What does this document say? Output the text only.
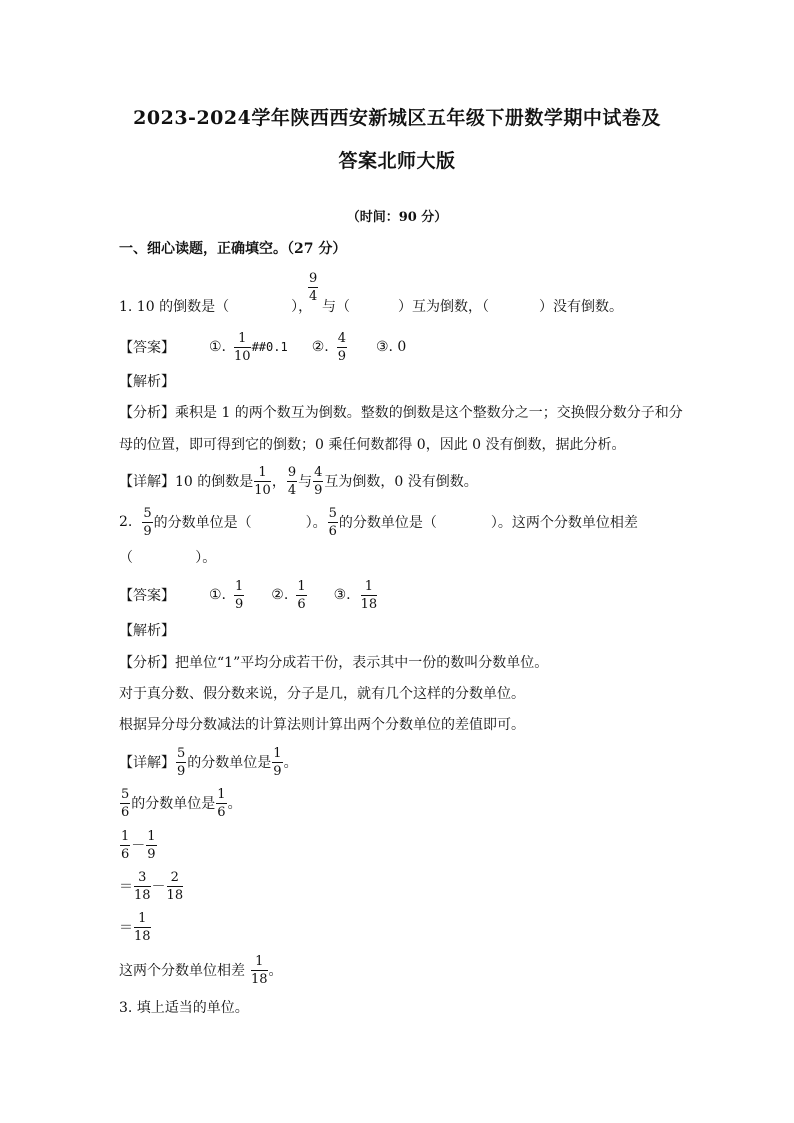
2023-2024学年陕西西安新城区五年级下册数学期中试卷及
答案北师大版
（时间：90 分）
一、细心读题，正确填空。（27 分）
1. 10 的倒数是（	），
$\frac{9}{4}$
与（	）互为倒数，（	）没有倒数。
【答案】 ①. $\frac{1}{10}$ ##0.1 ②. $\frac{4}{9}$ ③. 0
【解析】
【分析】乘积是 1 的两个数互为倒数。整数的倒数是这个整数分之一；交换假分数分子和分
母的位置，即可得到它的倒数；0 乘任何数都得 0，因此 0 没有倒数，据此分析。
【详解】10 的倒数是 $\frac{1}{10}$ ， $\frac{9}{4}$ 与 $\frac{4}{9}$ 互为倒数，0 没有倒数。
2. $\frac{5}{9}$ 的分数单位是（	）。 $\frac{5}{6}$ 的分数单位是（	）。这两个分数单位相差
（              ）。
【答案】 ①. $\frac{1}{9}$ ②. $\frac{1}{6}$ ③. $\frac{1}{18}$
【解析】
【分析】把单位“1”平均分成若干份，表示其中一份的数叫分数单位。
对于真分数、假分数来说，分子是几，就有几个这样的分数单位。
根据异分母分数减法的计算法则计算出两个分数单位的差值即可。
【详解】 $\frac{5}{9}$ 的分数单位是 $\frac{1}{9}$ 。
$\frac{5}{6}$ 的分数单位是 $\frac{1}{6}$ 。
$\frac{1}{6} - \frac{1}{9}$
＝ $\frac{3}{18} - \frac{2}{18}$
＝ $\frac{1}{18}$
这两个分数单位相差 $\frac{1}{18}$ 。
3. 填上适当的单位。
